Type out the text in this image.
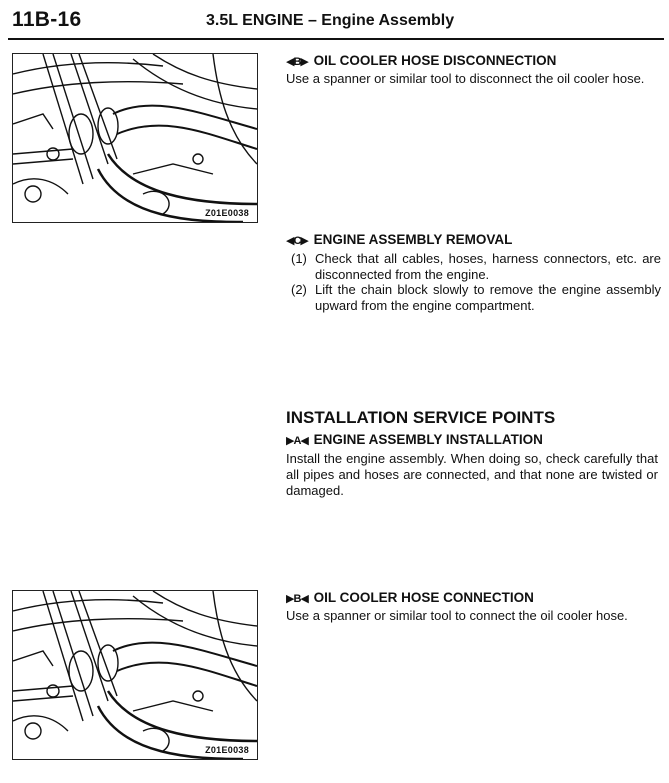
11B-16	3.5L ENGINE – Engine Assembly
Z01E0038
◀B▶ OIL COOLER HOSE DISCONNECTION
Use a spanner or similar tool to disconnect the oil cooler hose.
◀C▶ ENGINE ASSEMBLY REMOVAL
(1) Check that all cables, hoses, harness connectors, etc. are disconnected from the engine.
(2) Lift the chain block slowly to remove the engine assembly upward from the engine compartment.
INSTALLATION SERVICE POINTS
▶A◀ ENGINE ASSEMBLY INSTALLATION
Install the engine assembly. When doing so, check carefully that all pipes and hoses are connected, and that none are twisted or damaged.
Z01E0038
▶B◀ OIL COOLER HOSE CONNECTION
Use a spanner or similar tool to connect the oil cooler hose.
